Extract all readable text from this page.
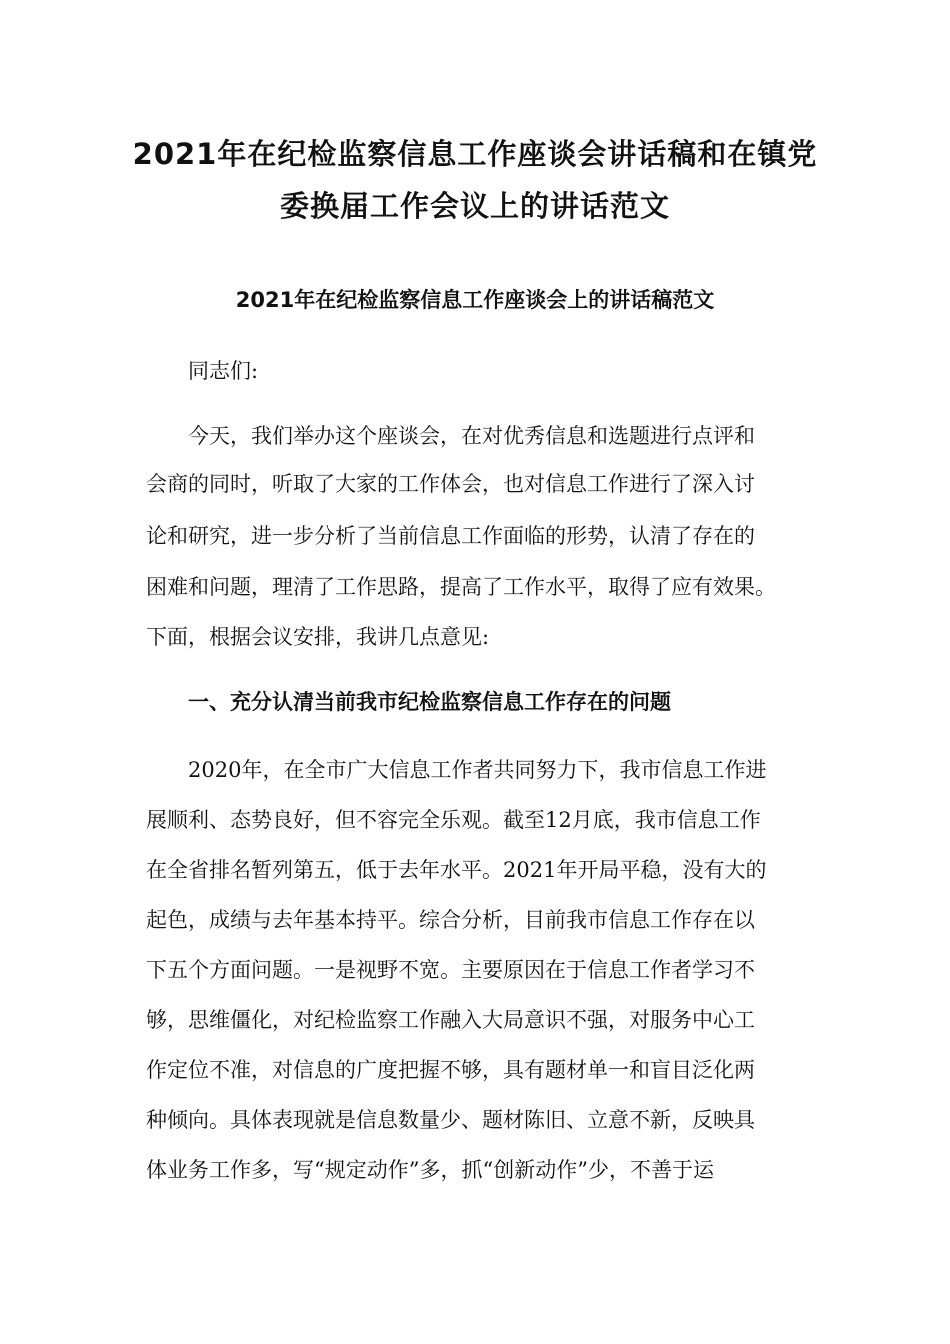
2021年在纪检监察信息工作座谈会讲话稿和在镇党
委换届工作会议上的讲话范文
2021年在纪检监察信息工作座谈会上的讲话稿范文
同志们:
今天，我们举办这个座谈会，在对优秀信息和选题进行点评和
会商的同时，听取了大家的工作体会，也对信息工作进行了深入讨
论和研究，进一步分析了当前信息工作面临的形势，认清了存在的
困难和问题，理清了工作思路，提高了工作水平，取得了应有效果。
下面，根据会议安排，我讲几点意见:
一、充分认清当前我市纪检监察信息工作存在的问题
2020年，在全市广大信息工作者共同努力下，我市信息工作进
展顺利、态势良好，但不容完全乐观。截至12月底，我市信息工作
在全省排名暂列第五，低于去年水平。2021年开局平稳，没有大的
起色，成绩与去年基本持平。综合分析，目前我市信息工作存在以
下五个方面问题。一是视野不宽。主要原因在于信息工作者学习不
够，思维僵化，对纪检监察工作融入大局意识不强，对服务中心工
作定位不准，对信息的广度把握不够，具有题材单一和盲目泛化两
种倾向。具体表现就是信息数量少、题材陈旧、立意不新，反映具
体业务工作多，写“规定动作”多，抓“创新动作”少，不善于运
